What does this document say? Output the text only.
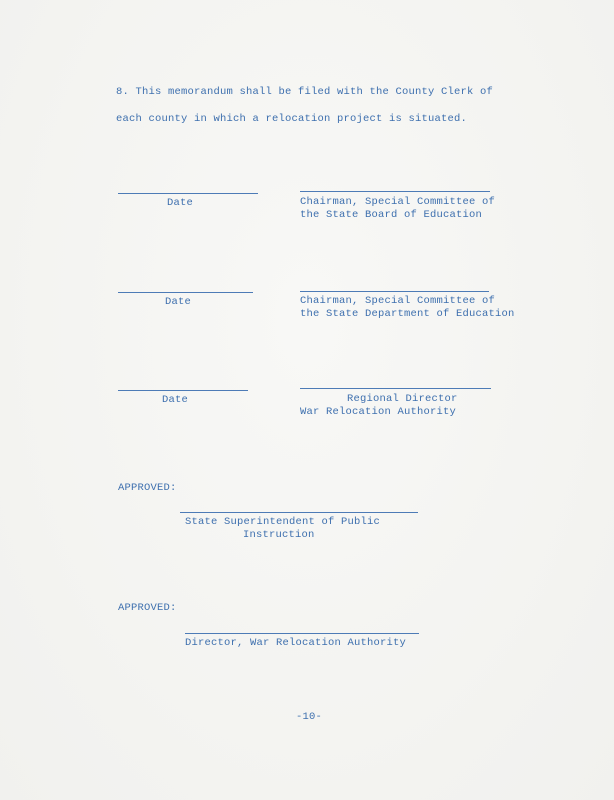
8. This memorandum shall be filed with the County Clerk of
each county in which a relocation project is situated.
Date	Chairman, Special Committee of
the State Board of Education
Date	Chairman, Special Committee of
the State Department of Education
Date	Regional Director
War Relocation Authority
APPROVED:
State Superintendent of Public
Instruction
APPROVED:
Director, War Relocation Authority
-10-
